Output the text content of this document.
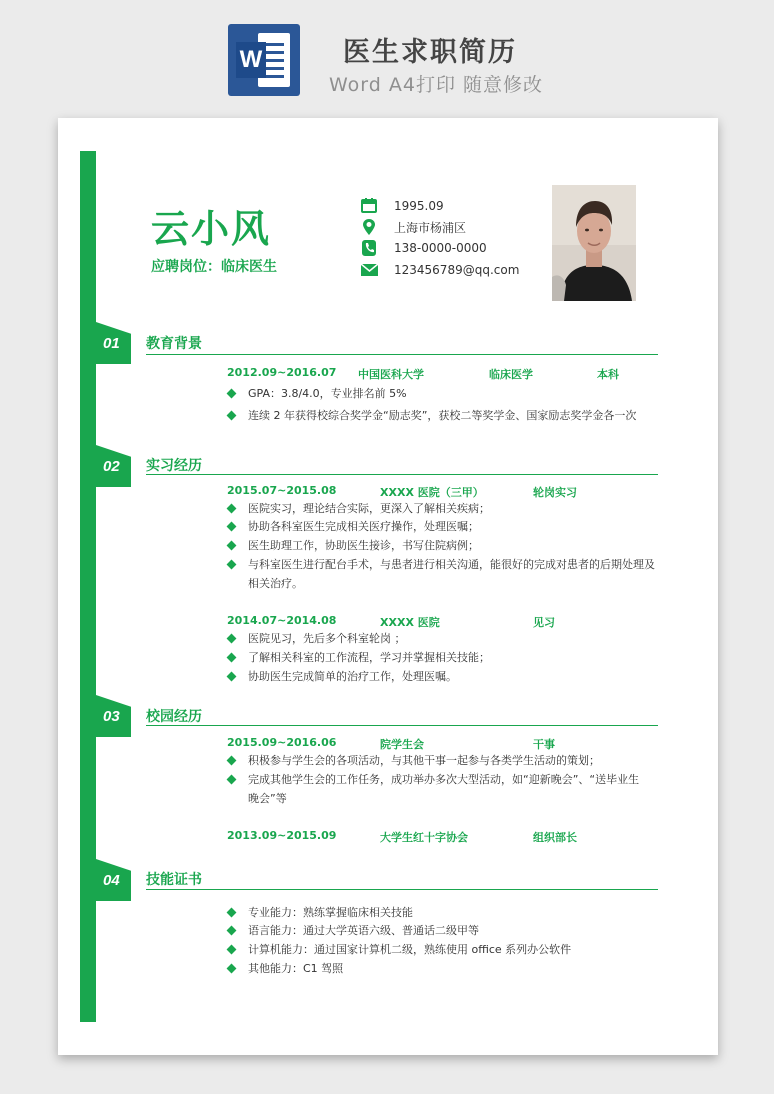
W	医生求职简历
Word A4打印 随意修改
云小风
应聘岗位：临床医生
1995.09
上海市杨浦区
138-0000-0000
123456789@qq.com
01	教育背景
2012.09~2016.07 中国医科大学	临床医学	本科
GPA：3.8/4.0，专业排名前 5%
连续 2 年获得校综合奖学金“励志奖”，获校二等奖学金、国家励志奖学金各一次
02	实习经历
2015.07~2015.08	XXXX 医院（三甲）	轮岗实习
医院实习，理论结合实际，更深入了解相关疾病；
协助各科室医生完成相关医疗操作，处理医嘱；
医生助理工作，协助医生接诊，书写住院病例；
与科室医生进行配台手术，与患者进行相关沟通，能很好的完成对患者的后期处理及
相关治疗。
2014.07~2014.08	XXXX 医院	见习
医院见习，先后多个科室轮岗 ；
了解相关科室的工作流程，学习并掌握相关技能；
协助医生完成简单的治疗工作，处理医嘱。
03	校园经历
2015.09~2016.06	院学生会	干事
积极参与学生会的各项活动，与其他干事一起参与各类学生活动的策划；
完成其他学生会的工作任务，成功举办多次大型活动，如“迎新晚会”、“送毕业生
晚会”等
2013.09~2015.09	大学生红十字协会	组织部长
04	技能证书
专业能力：熟练掌握临床相关技能
语言能力：通过大学英语六级、普通话二级甲等
计算机能力：通过国家计算机二级，熟练使用 office 系列办公软件
其他能力：C1 驾照
